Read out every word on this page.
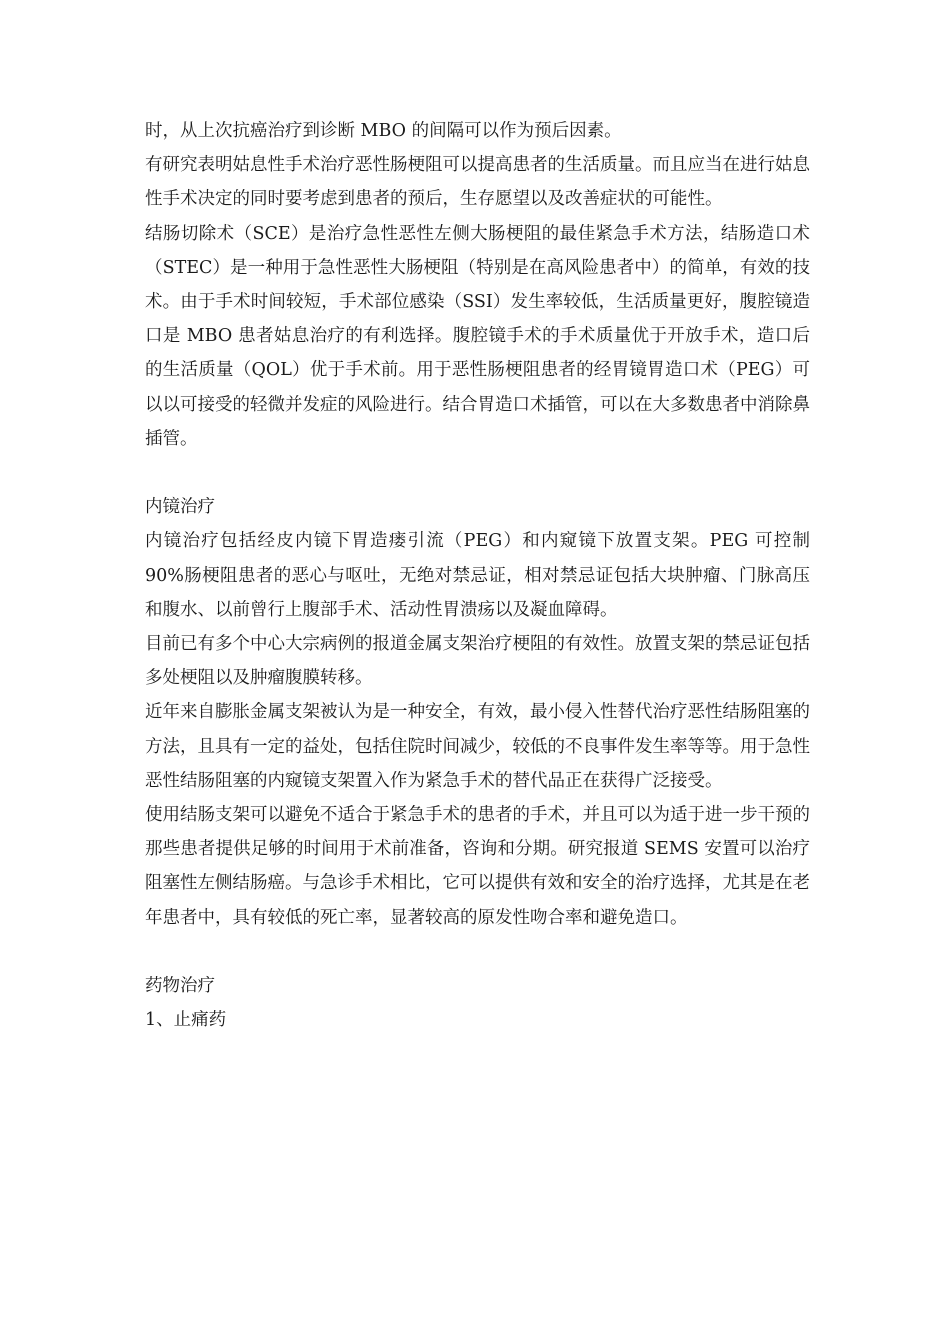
时，从上次抗癌治疗到诊断 MBO 的间隔可以作为预后因素。

有研究表明姑息性手术治疗恶性肠梗阻可以提高患者的生活质量。而且应当在进行姑息性手术决定的同时要考虑到患者的预后，生存愿望以及改善症状的可能性。

结肠切除术（SCE）是治疗急性恶性左侧大肠梗阻的最佳紧急手术方法，结肠造口术（STEC）是一种用于急性恶性大肠梗阻（特别是在高风险患者中）的简单，有效的技术。由于手术时间较短，手术部位感染（SSI）发生率较低，生活质量更好，腹腔镜造口是 MBO 患者姑息治疗的有利选择。腹腔镜手术的手术质量优于开放手术，造口后的生活质量（QOL）优于手术前。用于恶性肠梗阻患者的经胃镜胃造口术（PEG）可以以可接受的轻微并发症的风险进行。结合胃造口术插管，可以在大多数患者中消除鼻插管。

内镜治疗

内镜治疗包括经皮内镜下胃造瘘引流（PEG）和内窥镜下放置支架。PEG 可控制 90%肠梗阻患者的恶心与呕吐，无绝对禁忌证，相对禁忌证包括大块肿瘤、门脉高压和腹水、以前曾行上腹部手术、活动性胃溃疡以及凝血障碍。

目前已有多个中心大宗病例的报道金属支架治疗梗阻的有效性。放置支架的禁忌证包括多处梗阻以及肿瘤腹膜转移。

近年来自膨胀金属支架被认为是一种安全，有效，最小侵入性替代治疗恶性结肠阻塞的方法，且具有一定的益处，包括住院时间减少，较低的不良事件发生率等等。用于急性恶性结肠阻塞的内窥镜支架置入作为紧急手术的替代品正在获得广泛接受。

使用结肠支架可以避免不适合于紧急手术的患者的手术，并且可以为适于进一步干预的那些患者提供足够的时间用于术前准备，咨询和分期。研究报道 SEMS 安置可以治疗阻塞性左侧结肠癌。与急诊手术相比，它可以提供有效和安全的治疗选择，尤其是在老年患者中，具有较低的死亡率，显著较高的原发性吻合率和避免造口。

药物治疗

1、止痛药
